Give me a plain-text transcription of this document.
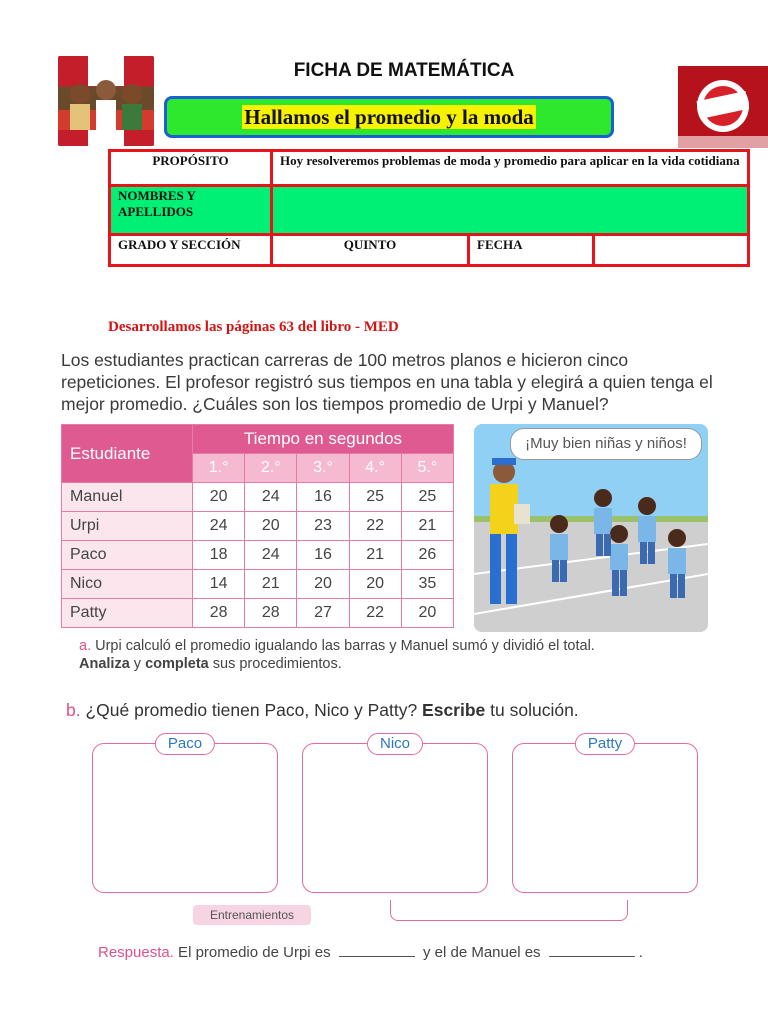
FICHA DE MATEMÁTICA
Hallamos el promedio y la moda
PROPÓSITO	Hoy resolveremos problemas de moda y promedio para aplicar en la vida cotidiana		
NOMBRES Y APELLIDOS			
GRADO Y SECCIÓN	QUINTO	FECHA	
Desarrollamos las páginas 63 del libro - MED
Los estudiantes practican carreras de 100 metros planos e hicieron cinco repeticiones. El profesor registró sus tiempos en una tabla y elegirá a quien tenga el mejor promedio. ¿Cuáles son los tiempos promedio de Urpi y Manuel?
Estudiante	Tiempo en segundos				
	1.°	2.°	3.°	4.°	5.°
Manuel	20	24	16	25	25
Urpi	24	20	23	22	21
Paco	18	24	16	21	26
Nico	14	21	20	20	35
Patty	28	28	27	22	20
¡Muy bien niñas y niños!
a. Urpi calculó el promedio igualando las barras y Manuel sumó y dividió el total.
Analiza y completa sus procedimientos.
b. ¿Qué promedio tienen Paco, Nico y Patty? Escribe tu solución.
Paco	Nico	Patty
Entrenamientos
Respuesta. El promedio de Urpi es	y el de Manuel es	.
